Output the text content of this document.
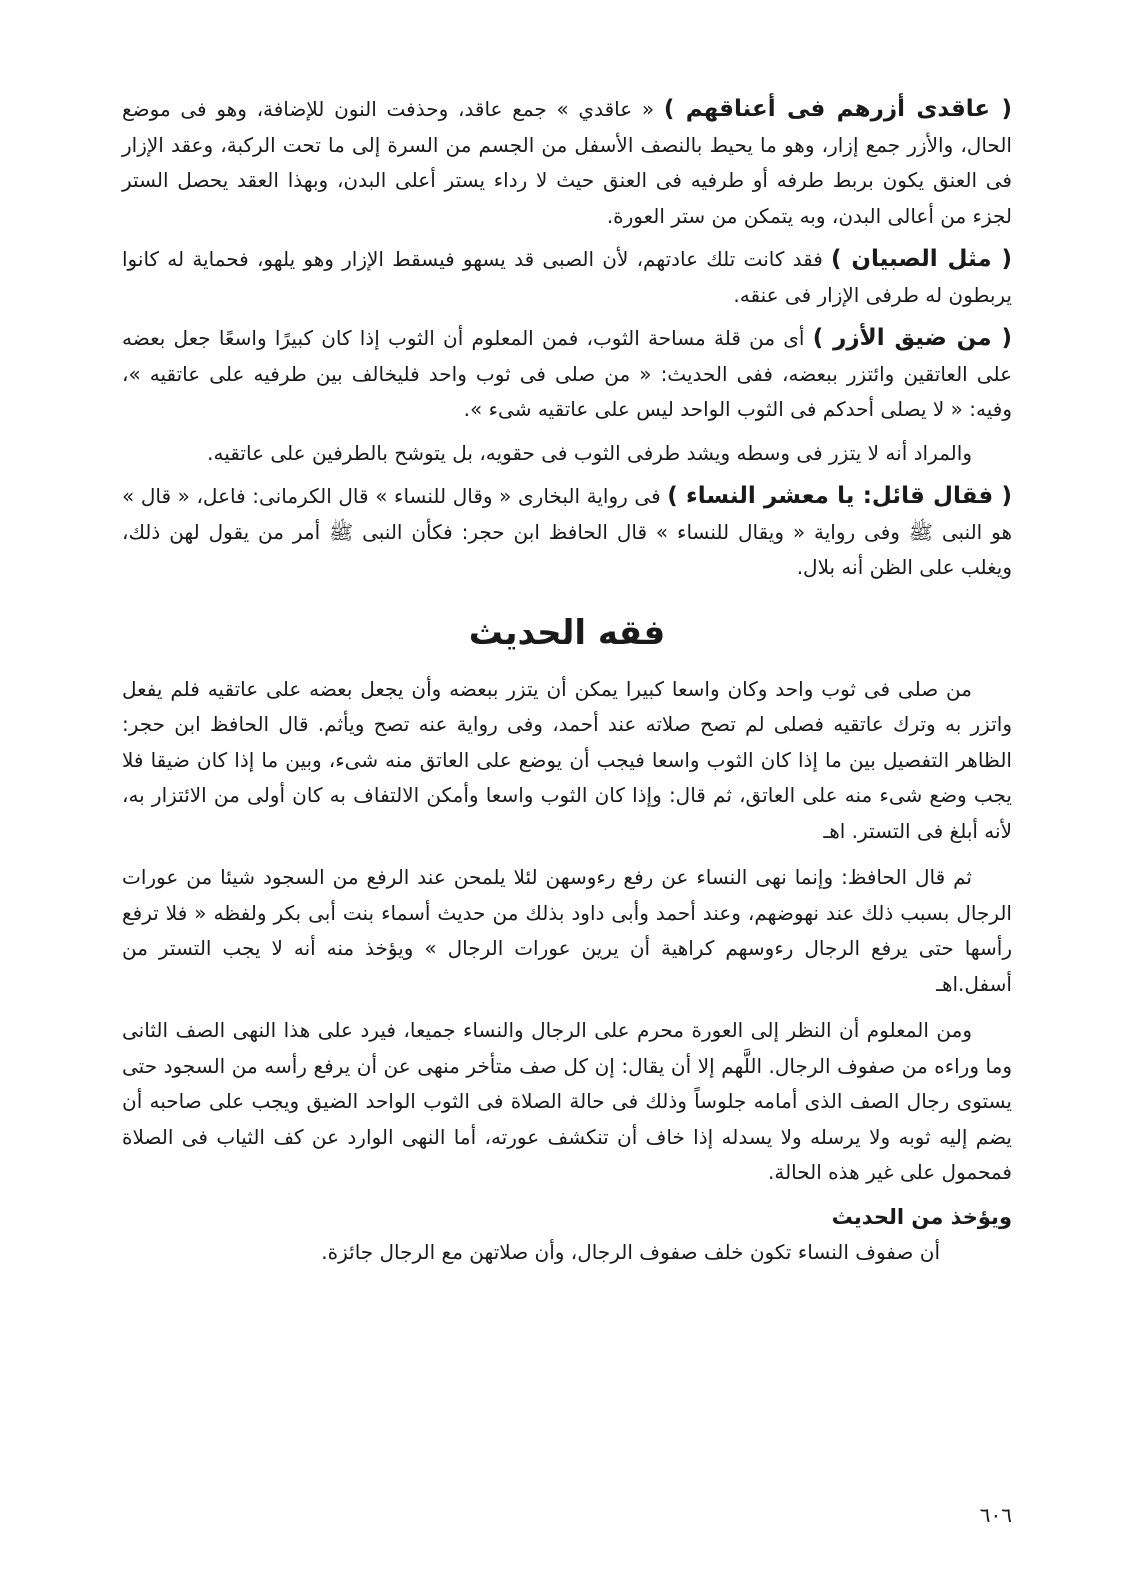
( عاقدى أزرهم فى أعناقهم ) « عاقدي » جمع عاقد، وحذفت النون للإضافة، وهو فى موضع الحال، والأزر جمع إزار، وهو ما يحيط بالنصف الأسفل من الجسم من السرة إلى ما تحت الركبة، وعقد الإزار فى العنق يكون بربط طرفه أو طرفيه فى العنق حيث لا رداء يستر أعلى البدن، وبهذا العقد يحصل الستر لجزء من أعالى البدن، وبه يتمكن من ستر العورة.

( مثل الصبيان ) فقد كانت تلك عادتهم، لأن الصبى قد يسهو فيسقط الإزار وهو يلهو، فحماية له كانوا يربطون له طرفى الإزار فى عنقه.

( من ضيق الأزر ) أى من قلة مساحة الثوب، فمن المعلوم أن الثوب إذا كان كبيرًا واسعًا جعل بعضه على العاتقين وائتزر ببعضه، ففى الحديث: « من صلى فى ثوب واحد فليخالف بين طرفيه على عاتقيه »، وفيه: « لا يصلى أحدكم فى الثوب الواحد ليس على عاتقيه شىء ».

والمراد أنه لا يتزر فى وسطه ويشد طرفى الثوب فى حقويه، بل يتوشح بالطرفين على عاتقيه.

( فقال قائل: يا معشر النساء ) فى رواية البخارى « وقال للنساء » قال الكرمانى: فاعل، « قال » هو النبى ﷺ وفى رواية « ويقال للنساء » قال الحافظ ابن حجر: فكأن النبى ﷺ أمر من يقول لهن ذلك، ويغلب على الظن أنه بلال.

فقه الحديث

من صلى فى ثوب واحد وكان واسعا كبيرا يمكن أن يتزر ببعضه وأن يجعل بعضه على عاتقيه فلم يفعل واتزر به وترك عاتقيه فصلى لم تصح صلاته عند أحمد، وفى رواية عنه تصح ويأثم. قال الحافظ ابن حجر: الظاهر التفصيل بين ما إذا كان الثوب واسعا فيجب أن يوضع على العاتق منه شىء، وبين ما إذا كان ضيقا فلا يجب وضع شىء منه على العاتق، ثم قال: وإذا كان الثوب واسعا وأمكن الالتفاف به كان أولى من الائتزار به، لأنه أبلغ فى التستر. اهـ

ثم قال الحافظ: وإنما نهى النساء عن رفع رءوسهن لئلا يلمحن عند الرفع من السجود شيئا من عورات الرجال بسبب ذلك عند نهوضهم، وعند أحمد وأبى داود بذلك من حديث أسماء بنت أبى بكر ولفظه « فلا ترفع رأسها حتى يرفع الرجال رءوسهم كراهية أن يرين عورات الرجال » ويؤخذ منه أنه لا يجب التستر من أسفل.اهـ

ومن المعلوم أن النظر إلى العورة محرم على الرجال والنساء جميعا، فيرد على هذا النهى الصف الثانى وما وراءه من صفوف الرجال. اللَّهم إلا أن يقال: إن كل صف متأخر منهى عن أن يرفع رأسه من السجود حتى يستوى رجال الصف الذى أمامه جلوساً وذلك فى حالة الصلاة فى الثوب الواحد الضيق ويجب على صاحبه أن يضم إليه ثوبه ولا يرسله ولا يسدله إذا خاف أن تنكشف عورته، أما النهى الوارد عن كف الثياب فى الصلاة فمحمول على غير هذه الحالة.

ويؤخذ من الحديث

أن صفوف النساء تكون خلف صفوف الرجال، وأن صلاتهن مع الرجال جائزة.

٦٠٦
